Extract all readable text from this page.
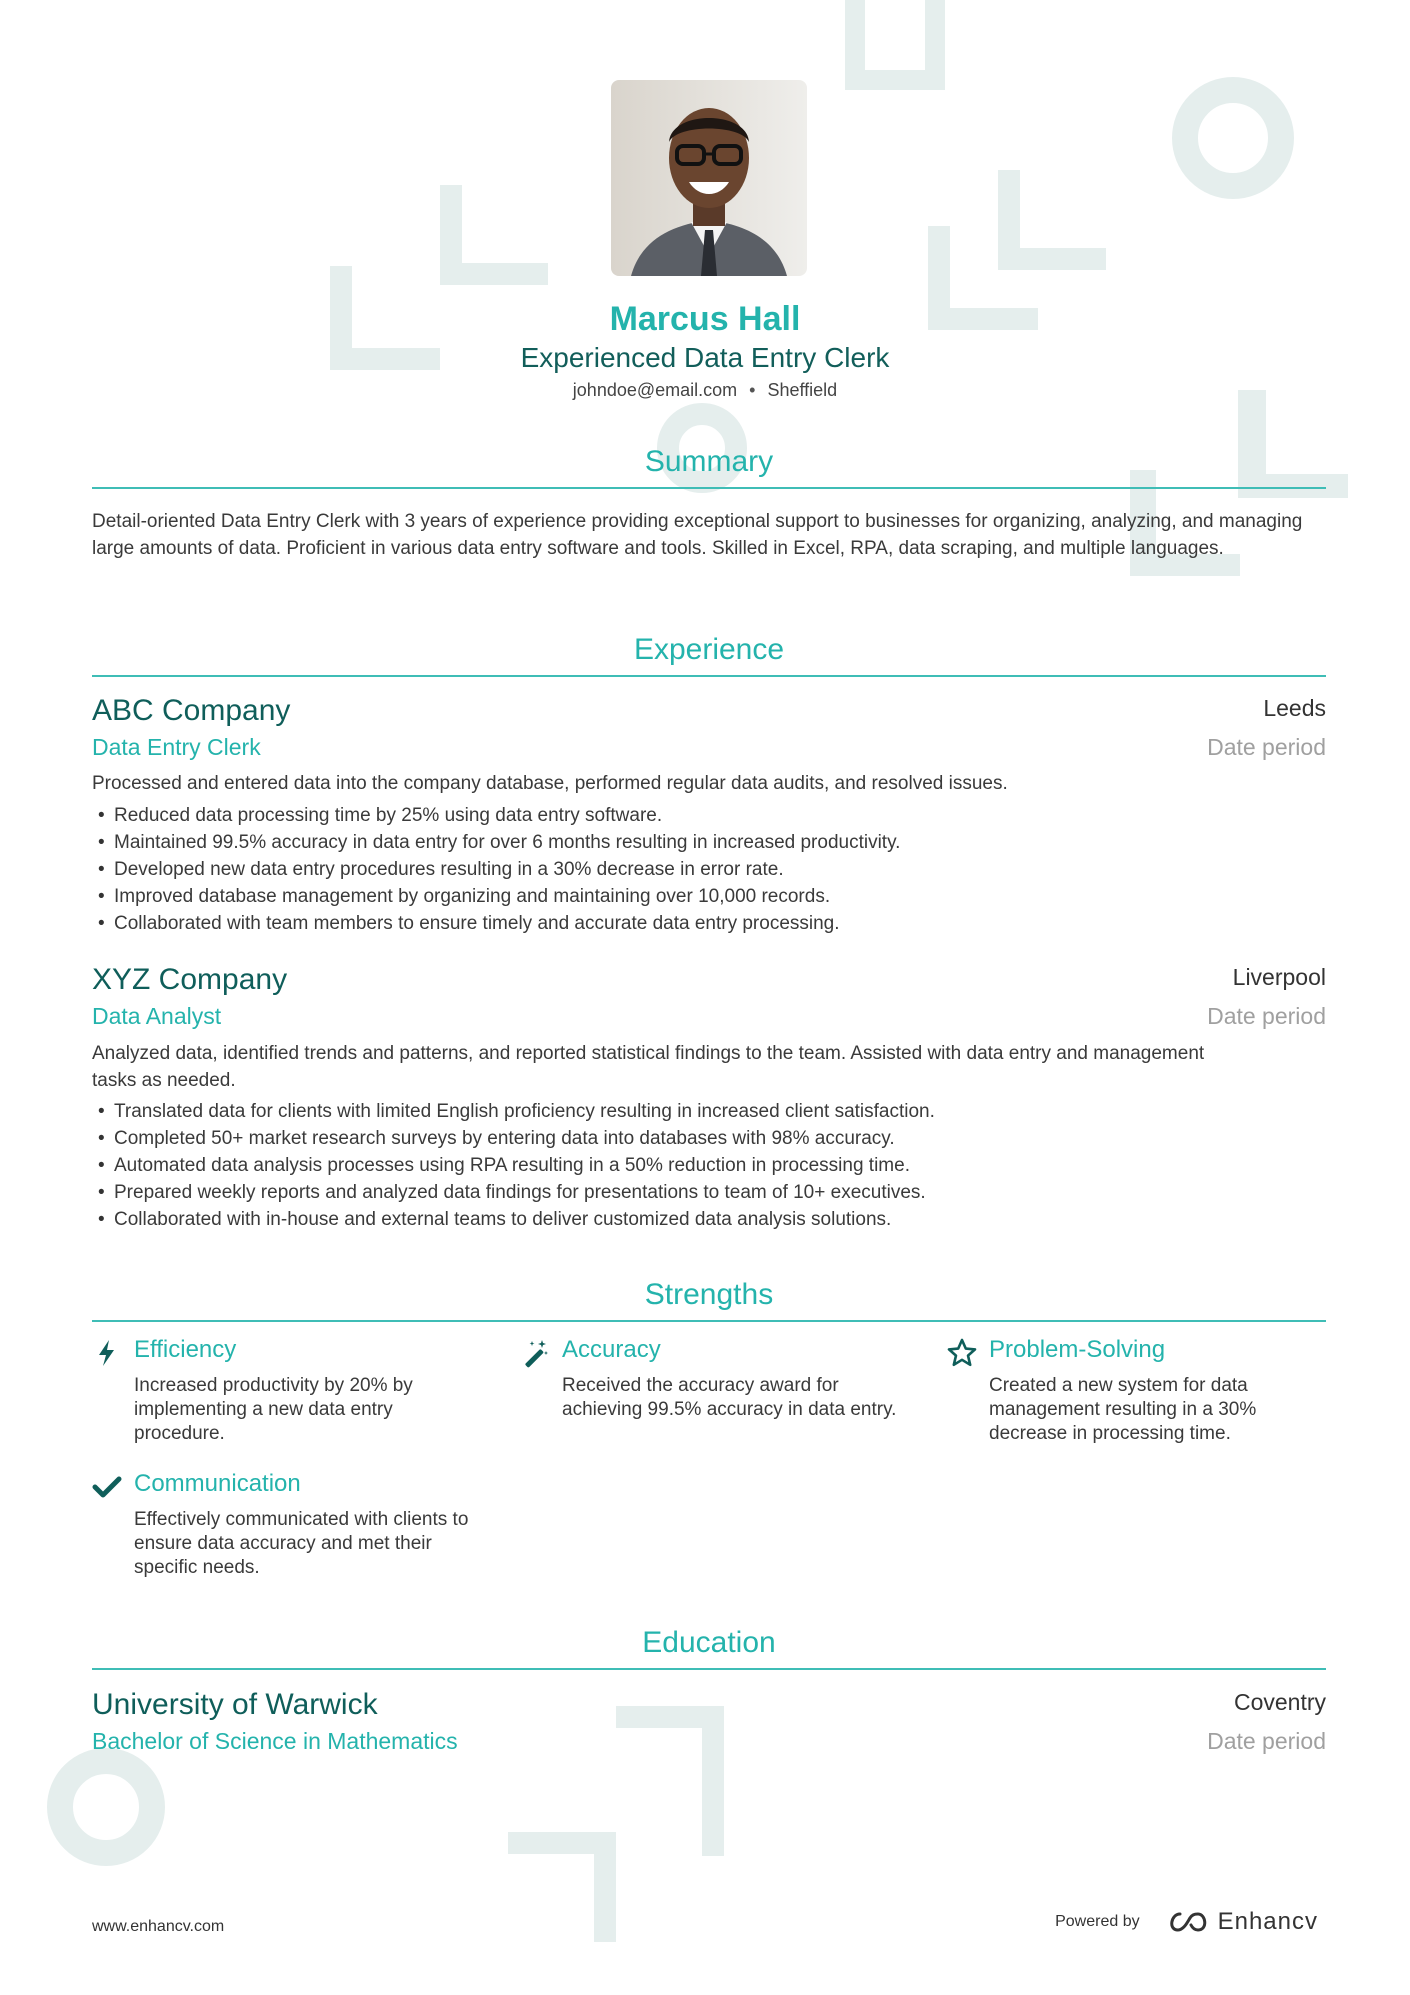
Marcus Hall
Experienced Data Entry Clerk
johndoe@email.com • Sheffield
Summary
Detail-oriented Data Entry Clerk with 3 years of experience providing exceptional support to businesses for organizing, analyzing, and managing large amounts of data. Proficient in various data entry software and tools. Skilled in Excel, RPA, data scraping, and multiple languages.
Experience
ABC Company	Leeds
Data Entry Clerk	Date period
Processed and entered data into the company database, performed regular data audits, and resolved issues.
• Reduced data processing time by 25% using data entry software.
• Maintained 99.5% accuracy in data entry for over 6 months resulting in increased productivity.
• Developed new data entry procedures resulting in a 30% decrease in error rate.
• Improved database management by organizing and maintaining over 10,000 records.
• Collaborated with team members to ensure timely and accurate data entry processing.
XYZ Company	Liverpool
Data Analyst	Date period
Analyzed data, identified trends and patterns, and reported statistical findings to the team. Assisted with data entry and management tasks as needed.
• Translated data for clients with limited English proficiency resulting in increased client satisfaction.
• Completed 50+ market research surveys by entering data into databases with 98% accuracy.
• Automated data analysis processes using RPA resulting in a 50% reduction in processing time.
• Prepared weekly reports and analyzed data findings for presentations to team of 10+ executives.
• Collaborated with in-house and external teams to deliver customized data analysis solutions.
Strengths
Efficiency
Increased productivity by 20% by implementing a new data entry procedure.
Accuracy
Received the accuracy award for achieving 99.5% accuracy in data entry.
Problem-Solving
Created a new system for data management resulting in a 30% decrease in processing time.
Communication
Effectively communicated with clients to ensure data accuracy and met their specific needs.
Education
University of Warwick	Coventry
Bachelor of Science in Mathematics	Date period
www.enhancv.com	Powered by	Enhancv
